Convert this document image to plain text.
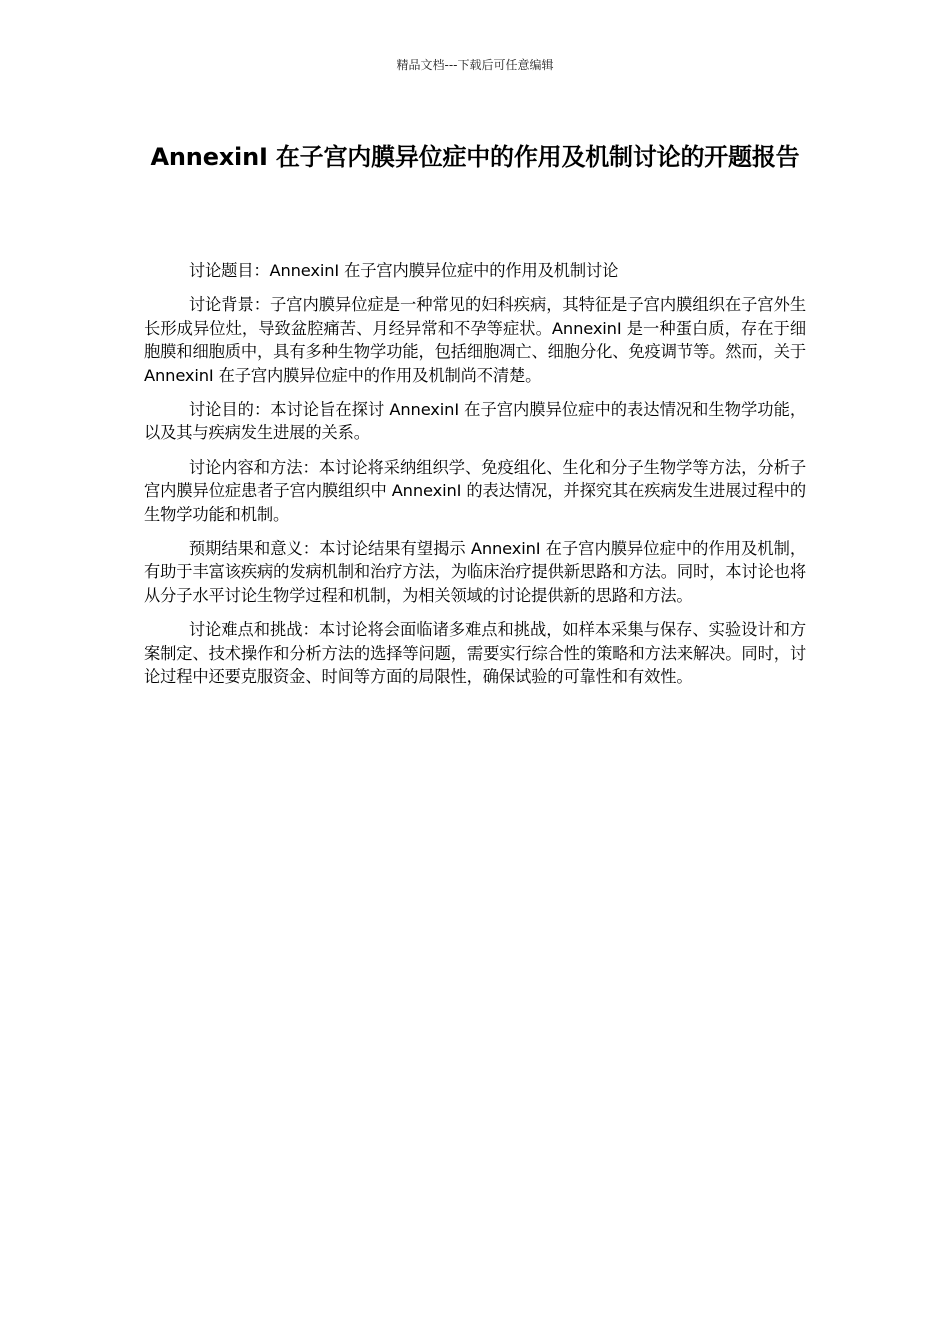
精品文档---下载后可任意编辑
AnnexinI 在子宫内膜异位症中的作用及机制讨论的开题报告

讨论题目：AnnexinI 在子宫内膜异位症中的作用及机制讨论

讨论背景：子宫内膜异位症是一种常见的妇科疾病，其特征是子宫内膜组织在子宫外生长形成异位灶，导致盆腔痛苦、月经异常和不孕等症状。AnnexinI 是一种蛋白质，存在于细胞膜和细胞质中，具有多种生物学功能，包括细胞凋亡、细胞分化、免疫调节等。然而，关于 AnnexinI 在子宫内膜异位症中的作用及机制尚不清楚。

讨论目的：本讨论旨在探讨 AnnexinI 在子宫内膜异位症中的表达情况和生物学功能，以及其与疾病发生进展的关系。

讨论内容和方法：本讨论将采纳组织学、免疫组化、生化和分子生物学等方法，分析子宫内膜异位症患者子宫内膜组织中 AnnexinI 的表达情况，并探究其在疾病发生进展过程中的生物学功能和机制。

预期结果和意义：本讨论结果有望揭示 AnnexinI 在子宫内膜异位症中的作用及机制，有助于丰富该疾病的发病机制和治疗方法，为临床治疗提供新思路和方法。同时，本讨论也将从分子水平讨论生物学过程和机制，为相关领域的讨论提供新的思路和方法。

讨论难点和挑战：本讨论将会面临诸多难点和挑战，如样本采集与保存、实验设计和方案制定、技术操作和分析方法的选择等问题，需要实行综合性的策略和方法来解决。同时，讨论过程中还要克服资金、时间等方面的局限性，确保试验的可靠性和有效性。
